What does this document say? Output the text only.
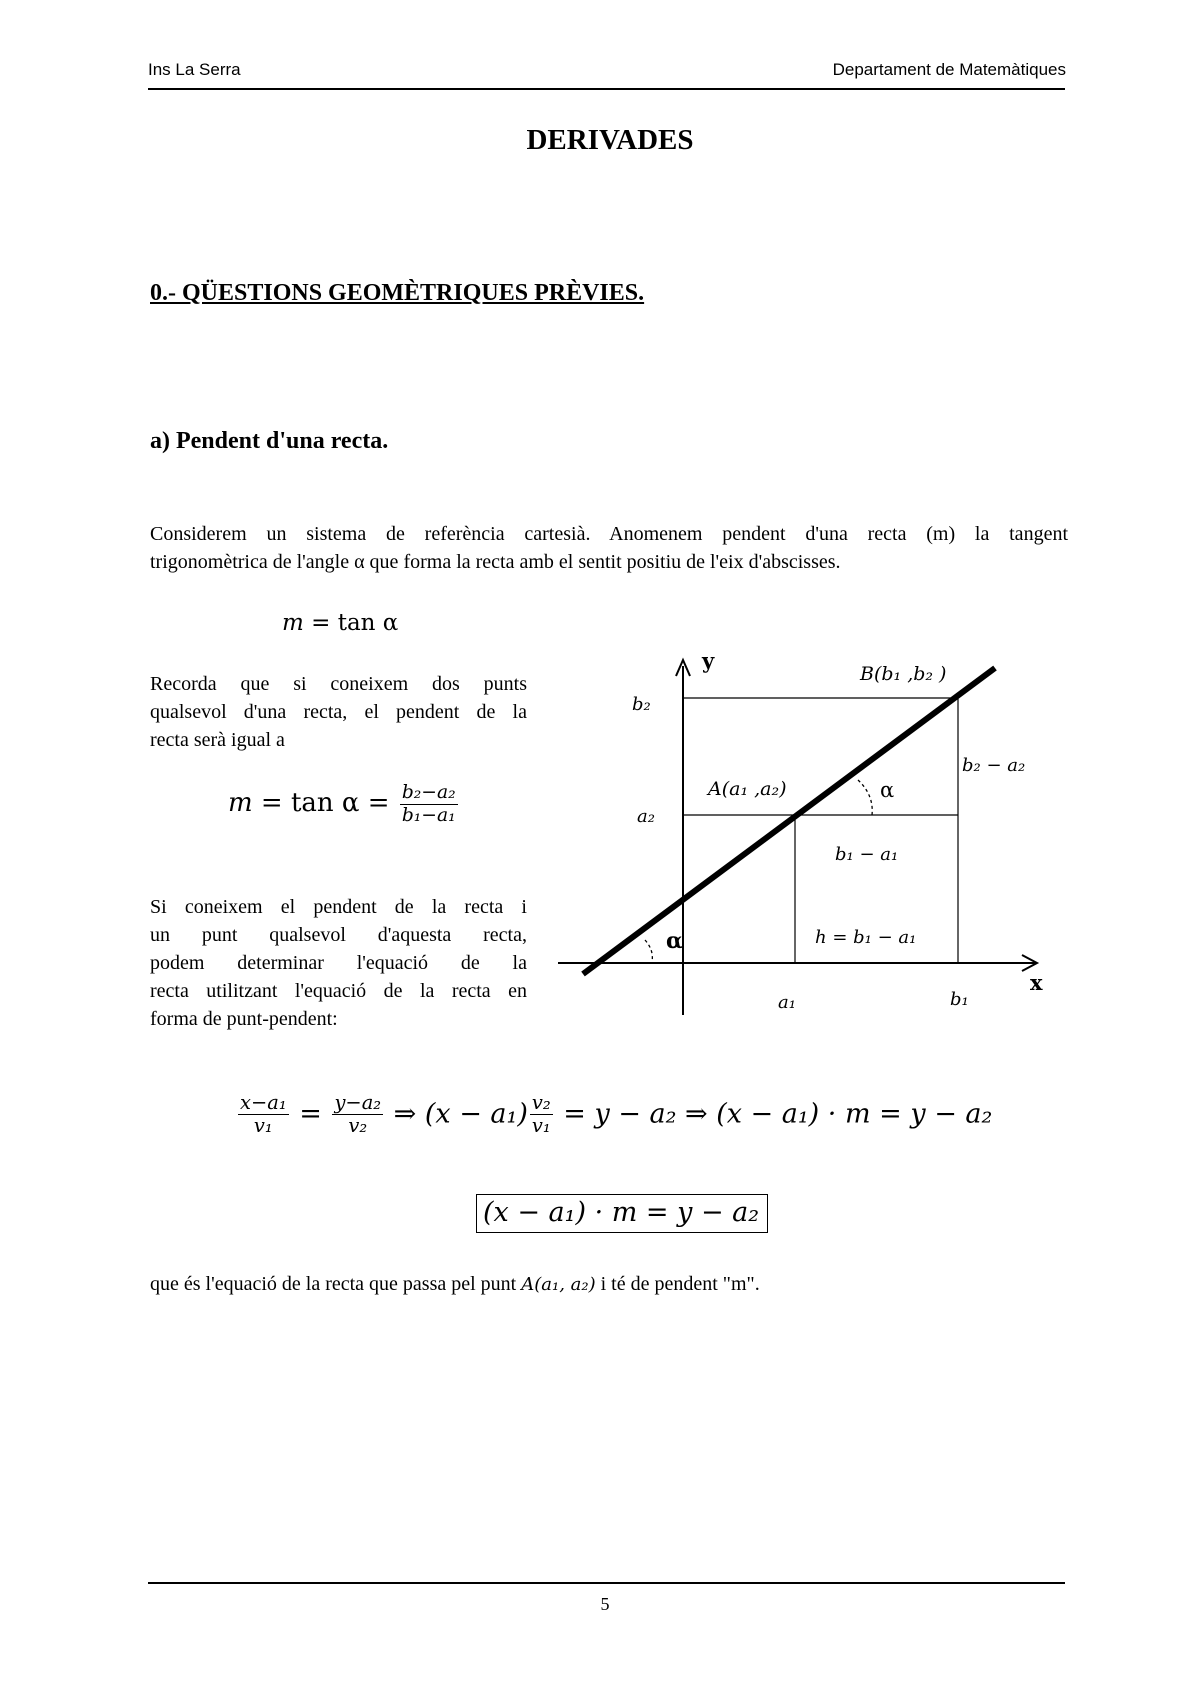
Ins La Serra	Departament de Matemàtiques
DERIVADES
0.- QÜESTIONS GEOMÈTRIQUES PRÈVIES.
a) Pendent d'una recta.
Considerem un sistema de referència cartesià. Anomenem pendent d'una recta (m) la tangent
trigonomètrica de l'angle α que forma la recta amb el sentit positiu de l'eix d'abscisses.
m = tan α
Recorda que si coneixem dos punts
qualsevol d'una recta, el pendent de la
recta serà igual a
$m = \tan \alpha = \frac{\text{b₂−a₂}}{\text{b₁−a₁}}$
Si coneixem el pendent de la recta i
un punt qualsevol d'aquesta recta,
podem determinar l'equació de la
recta utilitzant l'equació de la recta en
forma de punt-pendent:
y
x
b₂
a₂
a₁	b₁
B(b₁ ,b₂ )
A(a₁ ,a₂)
b₂ − a₂
b₁ − a₁
h = b₁ − a₁
α
α
$\frac{\text{x−a₁}}{\text{v₁}} = \frac{\text{y−a₂}}{\text{v₂}}$ ⇒ $(x - a_1) \frac{\text{v₂}}{\text{v₁}} = y - a_2$ ⇒ (x − a₁) · m = y − a₂
(x − a₁) · m = y − a₂
que és l'equació de la recta que passa pel punt A(a₁, a₂) i té de pendent "m".
5
